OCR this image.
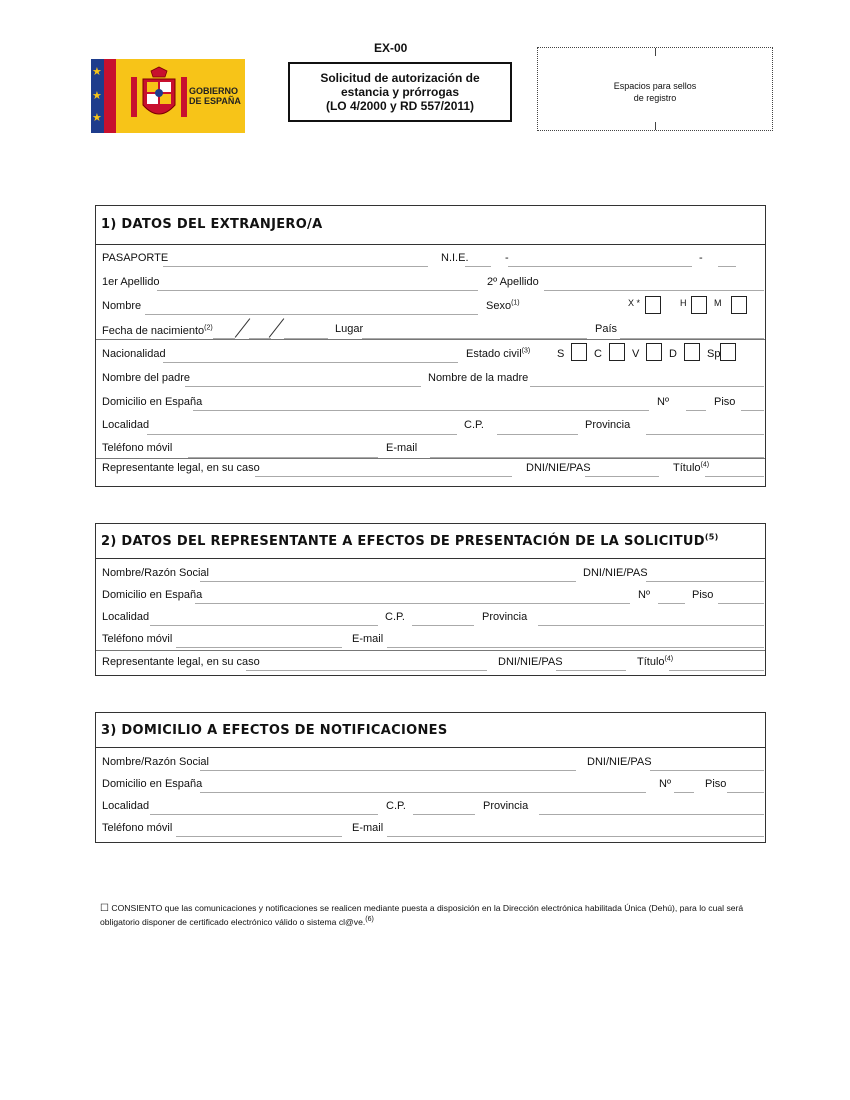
★
★
★
GOBIERNO
DE ESPAÑA
EX-00
Solicitud de autorización de
estancia y prórrogas
(LO 4/2000 y RD 557/2011)
Espacios para sellos
de registro
1) DATOS DEL EXTRANJERO/A
PASAPORTE	N.I.E.	-	-
1er Apellido	2º Apellido
Nombre	Sexo$^{(1)}$	X *	H	M
Fecha de nacimiento$^{(2)}$	Lugar	País
Nacionalidad	Estado civil$^{(3)}$ S	C	V	D	Sp
Nombre del padre	Nombre de la madre
Domicilio en España	Nº	Piso
Localidad	C.P.	Provincia
Teléfono móvil	E-mail
Representante legal, en su caso	DNI/NIE/PAS	Título$^{(4)}$
2) DATOS DEL REPRESENTANTE A EFECTOS DE PRESENTACIÓN DE LA SOLICITUD$^{(5)}$
Nombre/Razón Social	DNI/NIE/PAS
Domicilio en España	Nº	Piso
Localidad	C.P.	Provincia
Teléfono móvil	E-mail
Representante legal, en su caso	DNI/NIE/PAS	Título$^{(4)}$
3) DOMICILIO A EFECTOS DE NOTIFICACIONES
Nombre/Razón Social	DNI/NIE/PAS
Domicilio en España	Nº	Piso
Localidad	C.P.	Provincia
Teléfono móvil	E-mail
☐ CONSIENTO que las comunicaciones y notificaciones se realicen mediante puesta a disposición en la Dirección electrónica habilitada Única (Dehú), para lo cual será
obligatorio disponer de certificado electrónico válido o sistema cl@ve.$^{(6)}$
